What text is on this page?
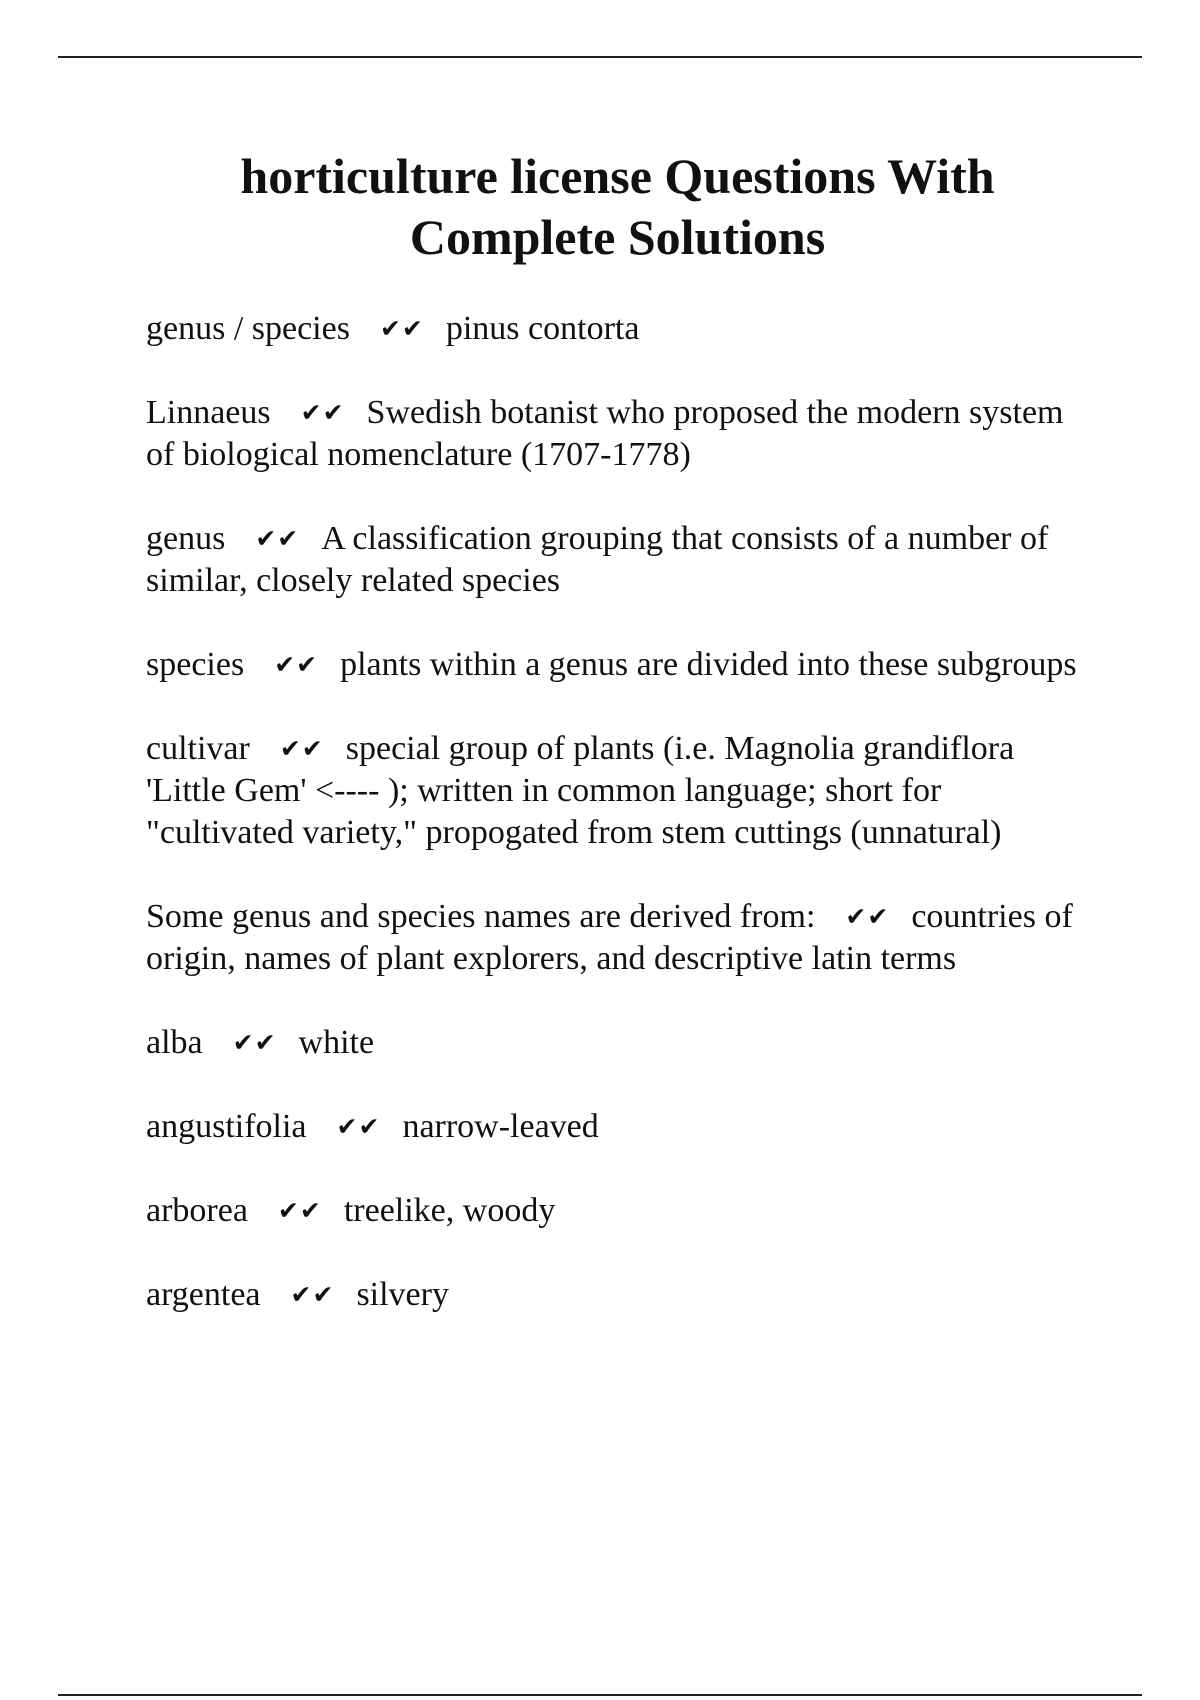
horticulture license Questions With
Complete Solutions

genus / species ✔✔ pinus contorta

Linnaeus ✔✔ Swedish botanist who proposed the modern system of biological nomenclature (1707-1778)

genus ✔✔ A classification grouping that consists of a number of similar, closely related species

species ✔✔ plants within a genus are divided into these subgroups

cultivar ✔✔ special group of plants (i.e. Magnolia grandiflora 'Little Gem' <---- ); written in common language; short for "cultivated variety," propogated from stem cuttings (unnatural)

Some genus and species names are derived from: ✔✔ countries of origin, names of plant explorers, and descriptive latin terms

alba ✔✔ white

angustifolia ✔✔ narrow-leaved

arborea ✔✔ treelike, woody

argentea ✔✔ silvery
